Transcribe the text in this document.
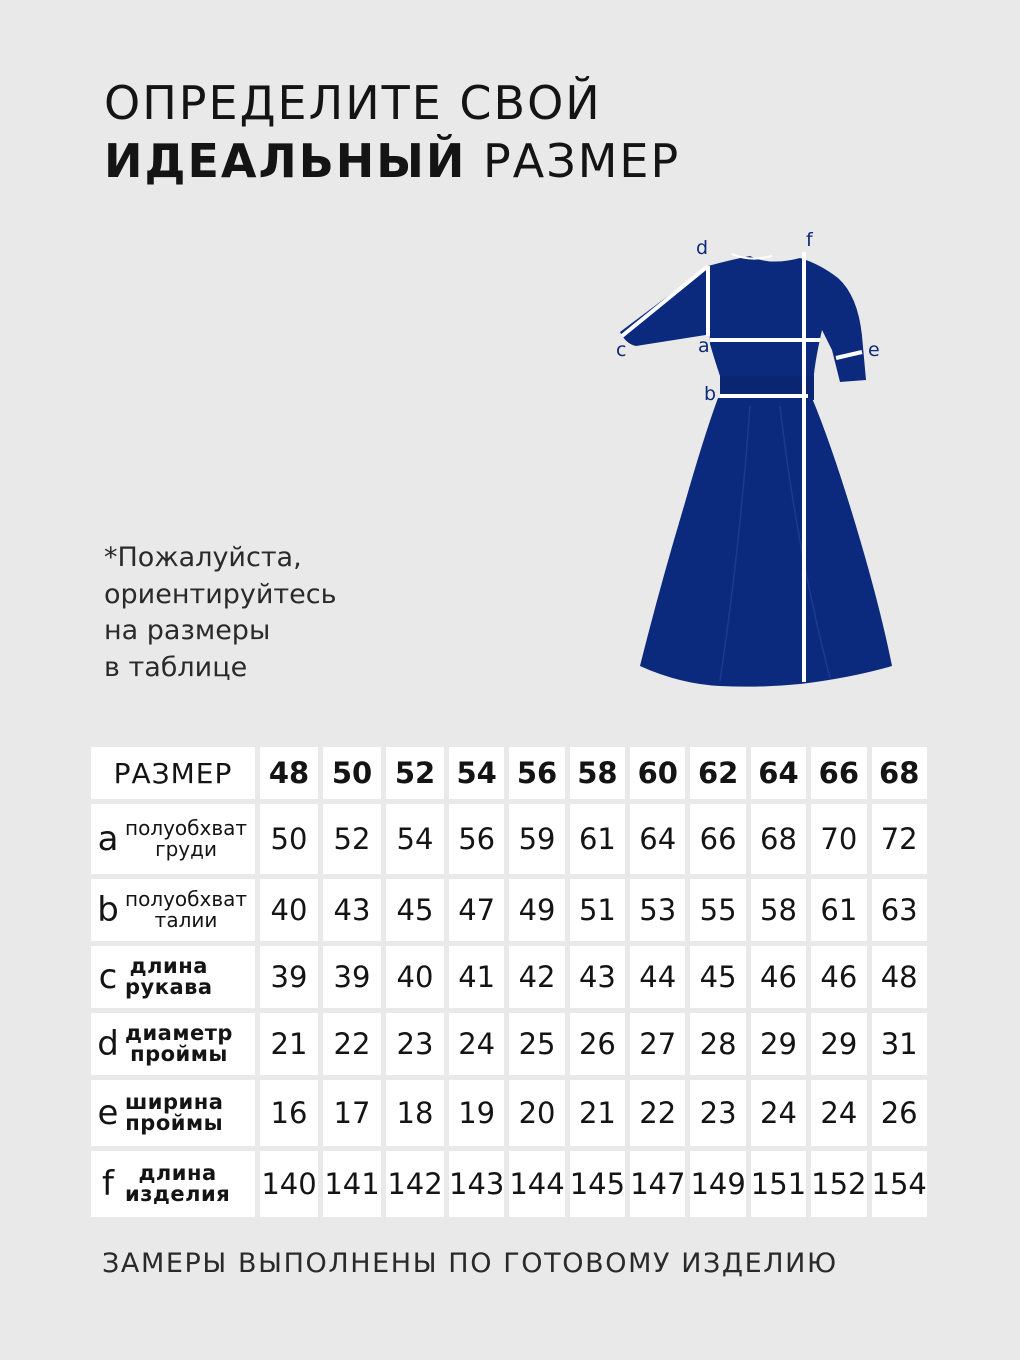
ОПРЕДЕЛИТЕ СВОЙ
ИДЕАЛЬНЫЙ РАЗМЕР
d	f
c	a	e
b
*Пожалуйста,
ориентируйтесь
на размеры
в таблице
РАЗМЕР	48	50	52	54	56	58	60	62	64	66	68

a полуобхват
груди	50	52	54	56	59	61	64	66	68	70	72

b полуобхват
талии	40	43	45	47	49	51	53	55	58	61	63

c длина
рукава	39	39	40	41	42	43	44	45	46	46	48

d диаметр
проймы	21	22	23	24	25	26	27	28	29	29	31

e ширина
проймы	16	17	18	19	20	21	22	23	24	24	26

f длина
изделия	140	141	142	143	144	145	147	149	151	152	154
ЗАМЕРЫ ВЫПОЛНЕНЫ ПО ГОТОВОМУ ИЗДЕЛИЮ
